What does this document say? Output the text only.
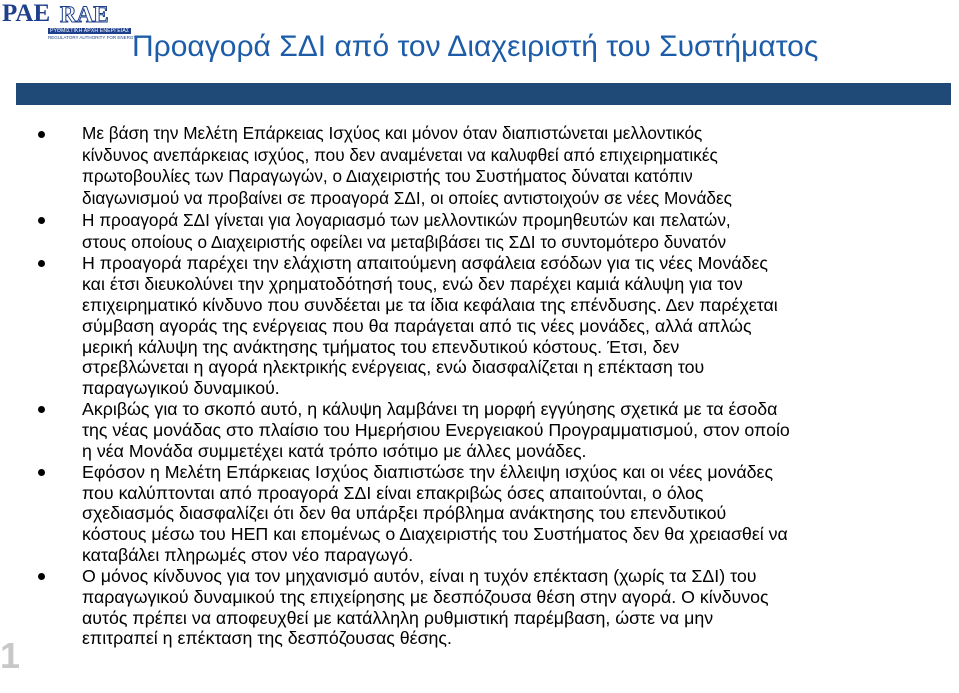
PAE RAE
ΡΥΘΜΙΣΤΙΚΗ ΑΡΧΗ ΕΝΕΡΓΕΙΑΣ
REGULATORY AUTHORITY FOR ENERGY
Προαγορά ΣΔΙ από τον Διαχειριστή του Συστήματος
Με βάση την Μελέτη Επάρκειας Ισχύος και μόνον όταν διαπιστώνεται μελλοντικός
κίνδυνος ανεπάρκειας ισχύος, που δεν αναμένεται να καλυφθεί από επιχειρηματικές
πρωτοβουλίες των Παραγωγών, ο Διαχειριστής του Συστήματος δύναται κατόπιν
διαγωνισμού να προβαίνει σε προαγορά ΣΔΙ, οι οποίες αντιστοιχούν σε νέες Μονάδες
Η προαγορά ΣΔΙ γίνεται για λογαριασμό των μελλοντικών προμηθευτών και πελατών,
στους οποίους ο Διαχειριστής οφείλει να μεταβιβάσει τις ΣΔΙ το συντομότερο δυνατόν
Η προαγορά παρέχει την ελάχιστη απαιτούμενη ασφάλεια εσόδων για τις νέες Μονάδες
και έτσι διευκολύνει την χρηματοδότησή τους, ενώ δεν παρέχει καμιά κάλυψη για τον
επιχειρηματικό κίνδυνο που συνδέεται με τα ίδια κεφάλαια της επένδυσης. Δεν παρέχεται
σύμβαση αγοράς της ενέργειας που θα παράγεται από τις νέες μονάδες, αλλά απλώς
μερική κάλυψη της ανάκτησης τμήματος του επενδυτικού κόστους. Έτσι, δεν
στρεβλώνεται η αγορά ηλεκτρικής ενέργειας, ενώ διασφαλίζεται η επέκταση του
παραγωγικού δυναμικού.
Ακριβώς για το σκοπό αυτό, η κάλυψη λαμβάνει τη μορφή εγγύησης σχετικά με τα έσοδα
της νέας μονάδας στο πλαίσιο του Ημερήσιου Ενεργειακού Προγραμματισμού, στον οποίο
η νέα Μονάδα συμμετέχει κατά τρόπο ισότιμο με άλλες μονάδες.
Εφόσον η Μελέτη Επάρκειας Ισχύος διαπιστώσε την έλλειψη ισχύος και οι νέες μονάδες
που καλύπτονται από προαγορά ΣΔΙ είναι επακριβώς όσες απαιτούνται, ο όλος
σχεδιασμός διασφαλίζει ότι δεν θα υπάρξει πρόβλημα ανάκτησης του επενδυτικού
κόστους μέσω του ΗΕΠ και επομένως ο Διαχειριστής του Συστήματος δεν θα χρειασθεί να
καταβάλει πληρωμές στον νέο παραγωγό.
Ο μόνος κίνδυνος για τον μηχανισμό αυτόν, είναι η τυχόν επέκταση (χωρίς τα ΣΔΙ) του
παραγωγικού δυναμικού της επιχείρησης με δεσπόζουσα θέση στην αγορά. Ο κίνδυνος
αυτός πρέπει να αποφευχθεί με κατάλληλη ρυθμιστική παρέμβαση, ώστε να μην
επιτραπεί η επέκταση της δεσπόζουσας θέσης.
1
